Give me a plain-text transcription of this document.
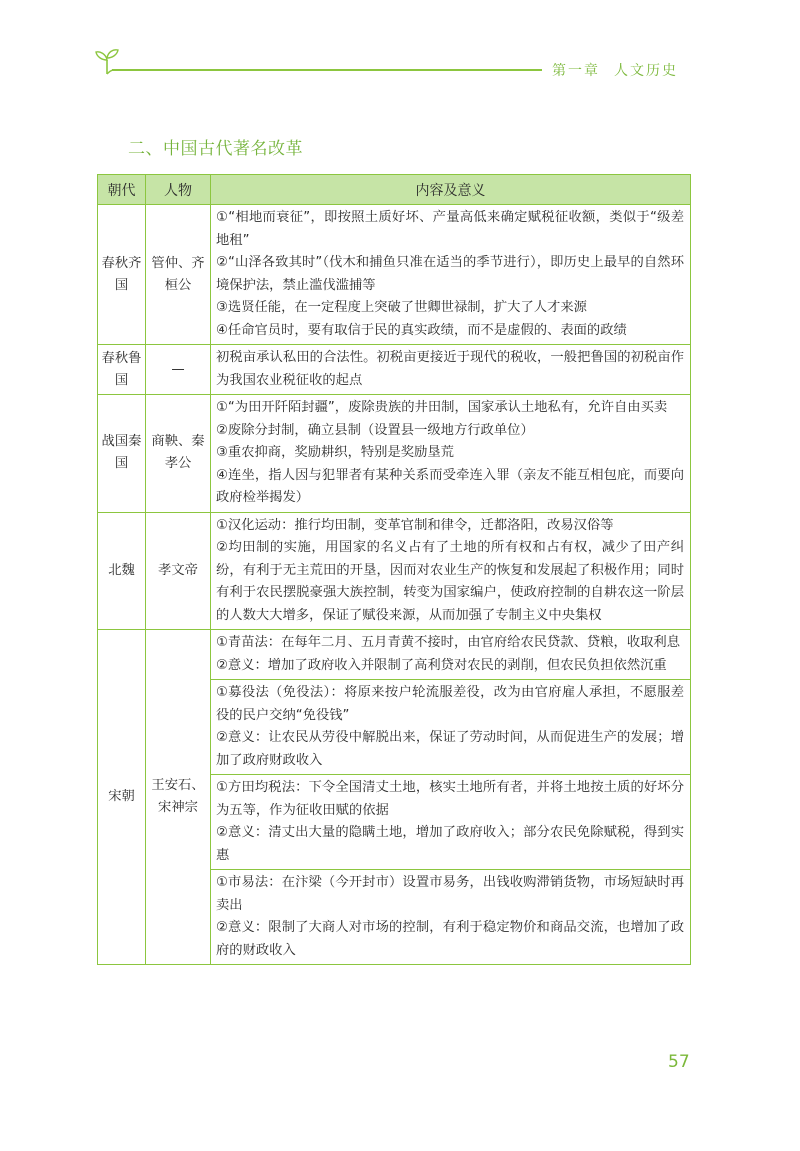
第一章 人文历史
二、中国古代著名改革
朝代	人物	内容及意义
春秋齐国	管仲、齐桓公	①“相地而衰征”，即按照土质好坏、产量高低来确定赋税征收额，类似于“级差地租”
②“山泽各致其时”（伐木和捕鱼只准在适当的季节进行），即历史上最早的自然环境保护法，禁止滥伐滥捕等
③选贤任能，在一定程度上突破了世卿世禄制，扩大了人才来源
④任命官员时，要有取信于民的真实政绩，而不是虚假的、表面的政绩

春秋鲁国	—	初税亩承认私田的合法性。初税亩更接近于现代的税收，一般把鲁国的初税亩作为我国农业税征收的起点

战国秦国	商鞅、秦孝公	①“为田开阡陌封疆”，废除贵族的井田制，国家承认土地私有，允许自由买卖
②废除分封制，确立县制（设置县一级地方行政单位）
③重农抑商，奖励耕织，特别是奖励垦荒
④连坐，指人因与犯罪者有某种关系而受牵连入罪（亲友不能互相包庇，而要向政府检举揭发）

北魏	孝文帝	①汉化运动：推行均田制，变革官制和律令，迁都洛阳，改易汉俗等
②均田制的实施，用国家的名义占有了土地的所有权和占有权，减少了田产纠纷，有利于无主荒田的开垦，因而对农业生产的恢复和发展起了积极作用；同时有利于农民摆脱豪强大族控制，转变为国家编户，使政府控制的自耕农这一阶层的人数大大增多，保证了赋役来源，从而加强了专制主义中央集权

宋朝	王安石、宋神宗	①青苗法：在每年二月、五月青黄不接时，由官府给农民贷款、贷粮，收取利息
②意义：增加了政府收入并限制了高利贷对农民的剥削，但农民负担依然沉重

		①募役法（免役法）：将原来按户轮流服差役，改为由官府雇人承担，不愿服差役的民户交纳“免役钱”
②意义：让农民从劳役中解脱出来，保证了劳动时间，从而促进生产的发展；增加了政府财政收入

		①方田均税法：下令全国清丈土地，核实土地所有者，并将土地按土质的好坏分为五等，作为征收田赋的依据
②意义：清丈出大量的隐瞒土地，增加了政府收入；部分农民免除赋税，得到实惠

		①市易法：在汴梁（今开封市）设置市易务，出钱收购滞销货物，市场短缺时再卖出
②意义：限制了大商人对市场的控制，有利于稳定物价和商品交流，也增加了政府的财政收入
57
